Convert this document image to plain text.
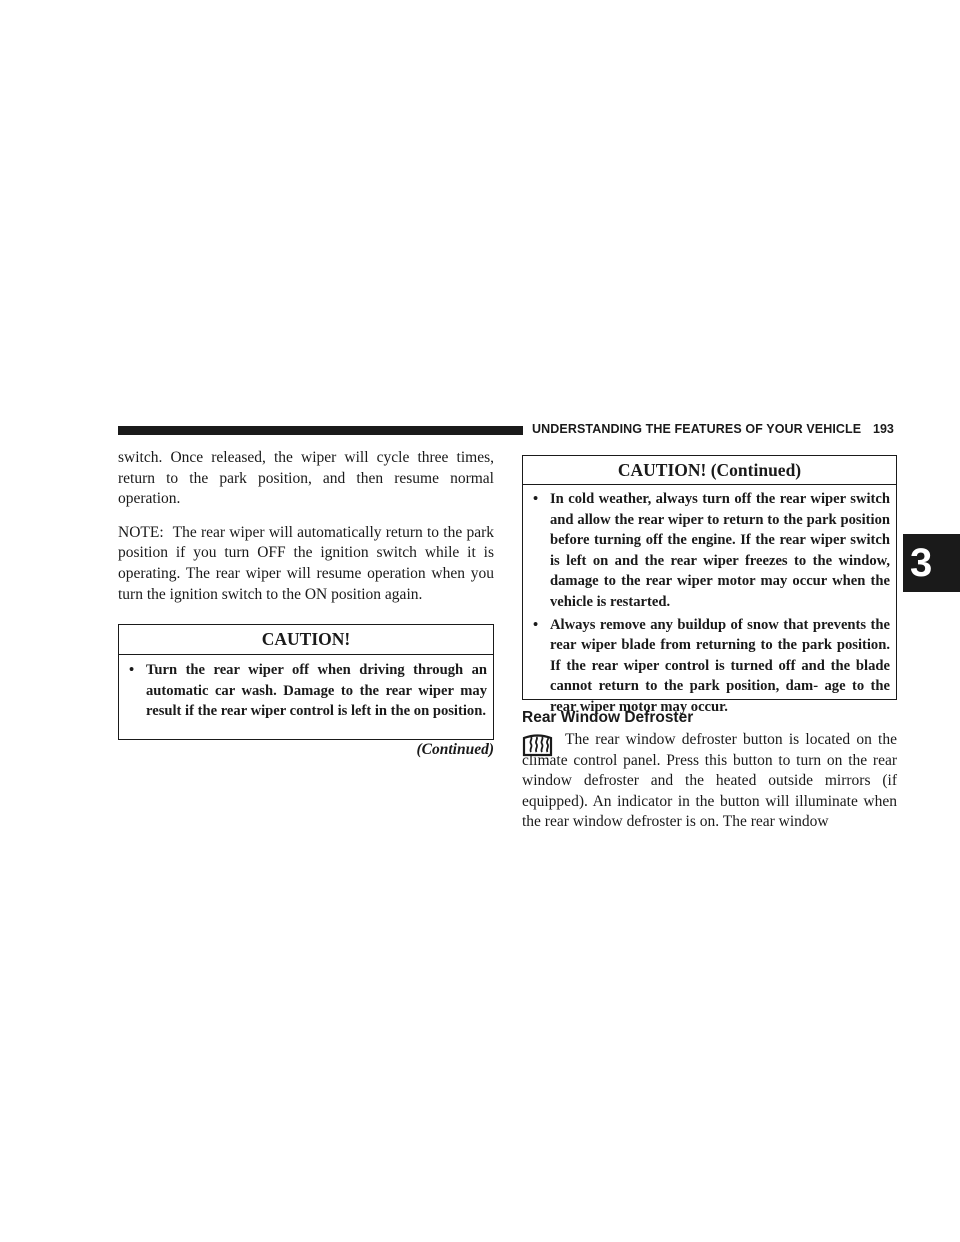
UNDERSTANDING THE FEATURES OF YOUR VEHICLE 193
3

switch. Once released, the wiper will cycle three times, return to the park position, and then resume normal operation.

NOTE: The rear wiper will automatically return to the park position if you turn OFF the ignition switch while it is operating. The rear wiper will resume operation when you turn the ignition switch to the ON position again.

CAUTION!
• Turn the rear wiper off when driving through an automatic car wash. Damage to the rear wiper may result if the rear wiper control is left in the on position.
(Continued)
CAUTION! (Continued)
• In cold weather, always turn off the rear wiper switch and allow the rear wiper to return to the park position before turning off the engine. If the rear wiper switch is left on and the rear wiper freezes to the window, damage to the rear wiper motor may occur when the vehicle is restarted.
• Always remove any buildup of snow that prevents the rear wiper blade from returning to the park position. If the rear wiper control is turned off and the blade cannot return to the park position, dam- age to the rear wiper motor may occur.
Rear Window Defroster

The rear window defroster button is located on the climate control panel. Press this button to turn on the rear window defroster and the heated outside mirrors (if equipped). An indicator in the button will illuminate when the rear window defroster is on. The rear window
